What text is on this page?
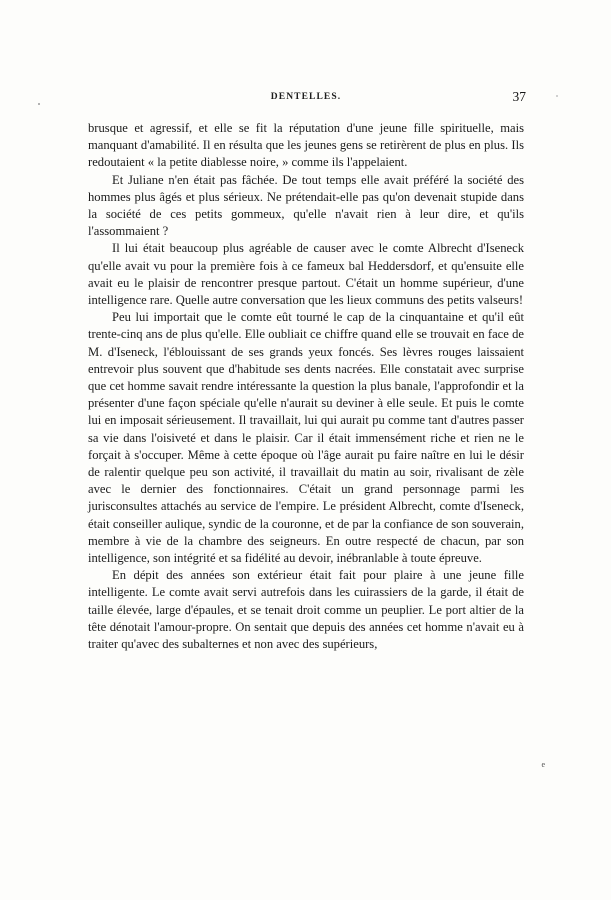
DENTELLES.	37

brusque et agressif, et elle se fit la réputation d'une jeune fille spirituelle, mais manquant d'amabilité. Il en résulta que les jeunes gens se retirèrent de plus en plus. Ils redoutaient « la petite diablesse noire, » comme ils l'appelaient.

Et Juliane n'en était pas fâchée. De tout temps elle avait préféré la société des hommes plus âgés et plus sérieux. Ne prétendait-elle pas qu'on devenait stupide dans la société de ces petits gommeux, qu'elle n'avait rien à leur dire, et qu'ils l'assommaient ?

Il lui était beaucoup plus agréable de causer avec le comte Albrecht d'Iseneck qu'elle avait vu pour la première fois à ce fameux bal Heddersdorf, et qu'ensuite elle avait eu le plaisir de rencontrer presque partout. C'était un homme supérieur, d'une intelligence rare. Quelle autre conversation que les lieux communs des petits valseurs!

Peu lui importait que le comte eût tourné le cap de la cinquantaine et qu'il eût trente-cinq ans de plus qu'elle. Elle oubliait ce chiffre quand elle se trouvait en face de M. d'Iseneck, l'éblouissant de ses grands yeux foncés. Ses lèvres rouges laissaient entrevoir plus souvent que d'habitude ses dents nacrées. Elle constatait avec surprise que cet homme savait rendre intéressante la question la plus banale, l'approfondir et la présenter d'une façon spéciale qu'elle n'aurait su deviner à elle seule. Et puis le comte lui en imposait sérieusement. Il travaillait, lui qui aurait pu comme tant d'autres passer sa vie dans l'oisiveté et dans le plaisir. Car il était immensément riche et rien ne le forçait à s'occuper. Même à cette époque où l'âge aurait pu faire naître en lui le désir de ralentir quelque peu son activité, il travaillait du matin au soir, rivalisant de zèle avec le dernier des fonctionnaires. C'était un grand personnage parmi les jurisconsultes attachés au service de l'empire. Le président Albrecht, comte d'Iseneck, était conseiller aulique, syndic de la couronne, et de par la confiance de son souverain, membre à vie de la chambre des seigneurs. En outre respecté de chacun, par son intelligence, son intégrité et sa fidélité au devoir, inébranlable à toute épreuve.

En dépit des années son extérieur était fait pour plaire à une jeune fille intelligente. Le comte avait servi autrefois dans les cuirassiers de la garde, il était de taille élevée, large d'épaules, et se tenait droit comme un peuplier. Le port altier de la tête dénotait l'amour-propre. On sentait que depuis des années cet homme n'avait eu à traiter qu'avec des subalternes et non avec des supérieurs,

e
